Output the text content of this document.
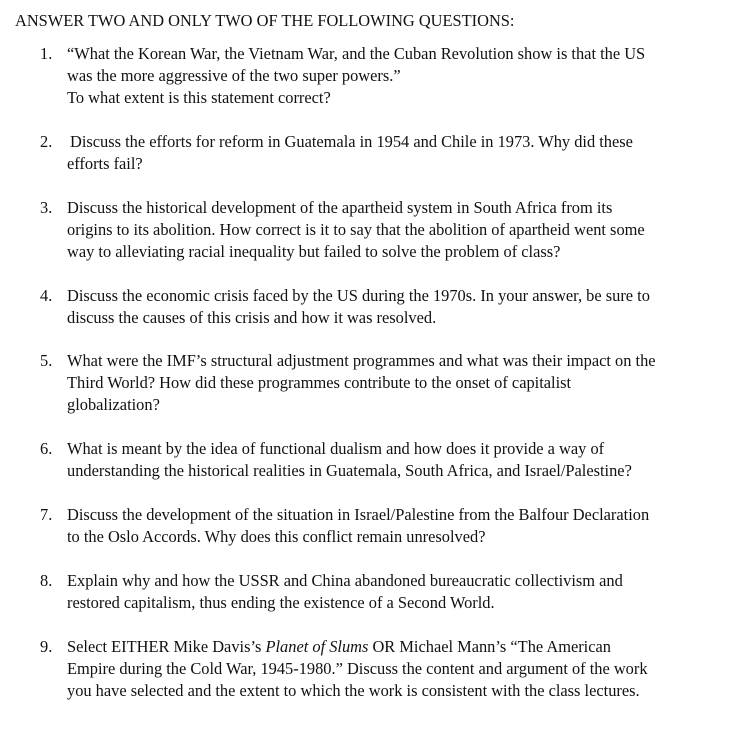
ANSWER TWO AND ONLY TWO OF THE FOLLOWING QUESTIONS:
1. “What the Korean War, the Vietnam War, and the Cuban Revolution show is that the US
was the more aggressive of the two super powers.”
To what extent is this statement correct?
2.	Discuss the efforts for reform in Guatemala in 1954 and Chile in 1973. Why did these
efforts fail?
3. Discuss the historical development of the apartheid system in South Africa from its
origins to its abolition. How correct is it to say that the abolition of apartheid went some
way to alleviating racial inequality but failed to solve the problem of class?
4. Discuss the economic crisis faced by the US during the 1970s. In your answer, be sure to
discuss the causes of this crisis and how it was resolved.
5. What were the IMF’s structural adjustment programmes and what was their impact on the
Third World? How did these programmes contribute to the onset of capitalist
globalization?
6. What is meant by the idea of functional dualism and how does it provide a way of
understanding the historical realities in Guatemala, South Africa, and Israel/Palestine?
7. Discuss the development of the situation in Israel/Palestine from the Balfour Declaration
to the Oslo Accords. Why does this conflict remain unresolved?
8. Explain why and how the USSR and China abandoned bureaucratic collectivism and
restored capitalism, thus ending the existence of a Second World.
9. Select EITHER Mike Davis’s Planet of Slums OR Michael Mann’s “The American
Empire during the Cold War, 1945-1980.” Discuss the content and argument of the work
you have selected and the extent to which the work is consistent with the class lectures.
